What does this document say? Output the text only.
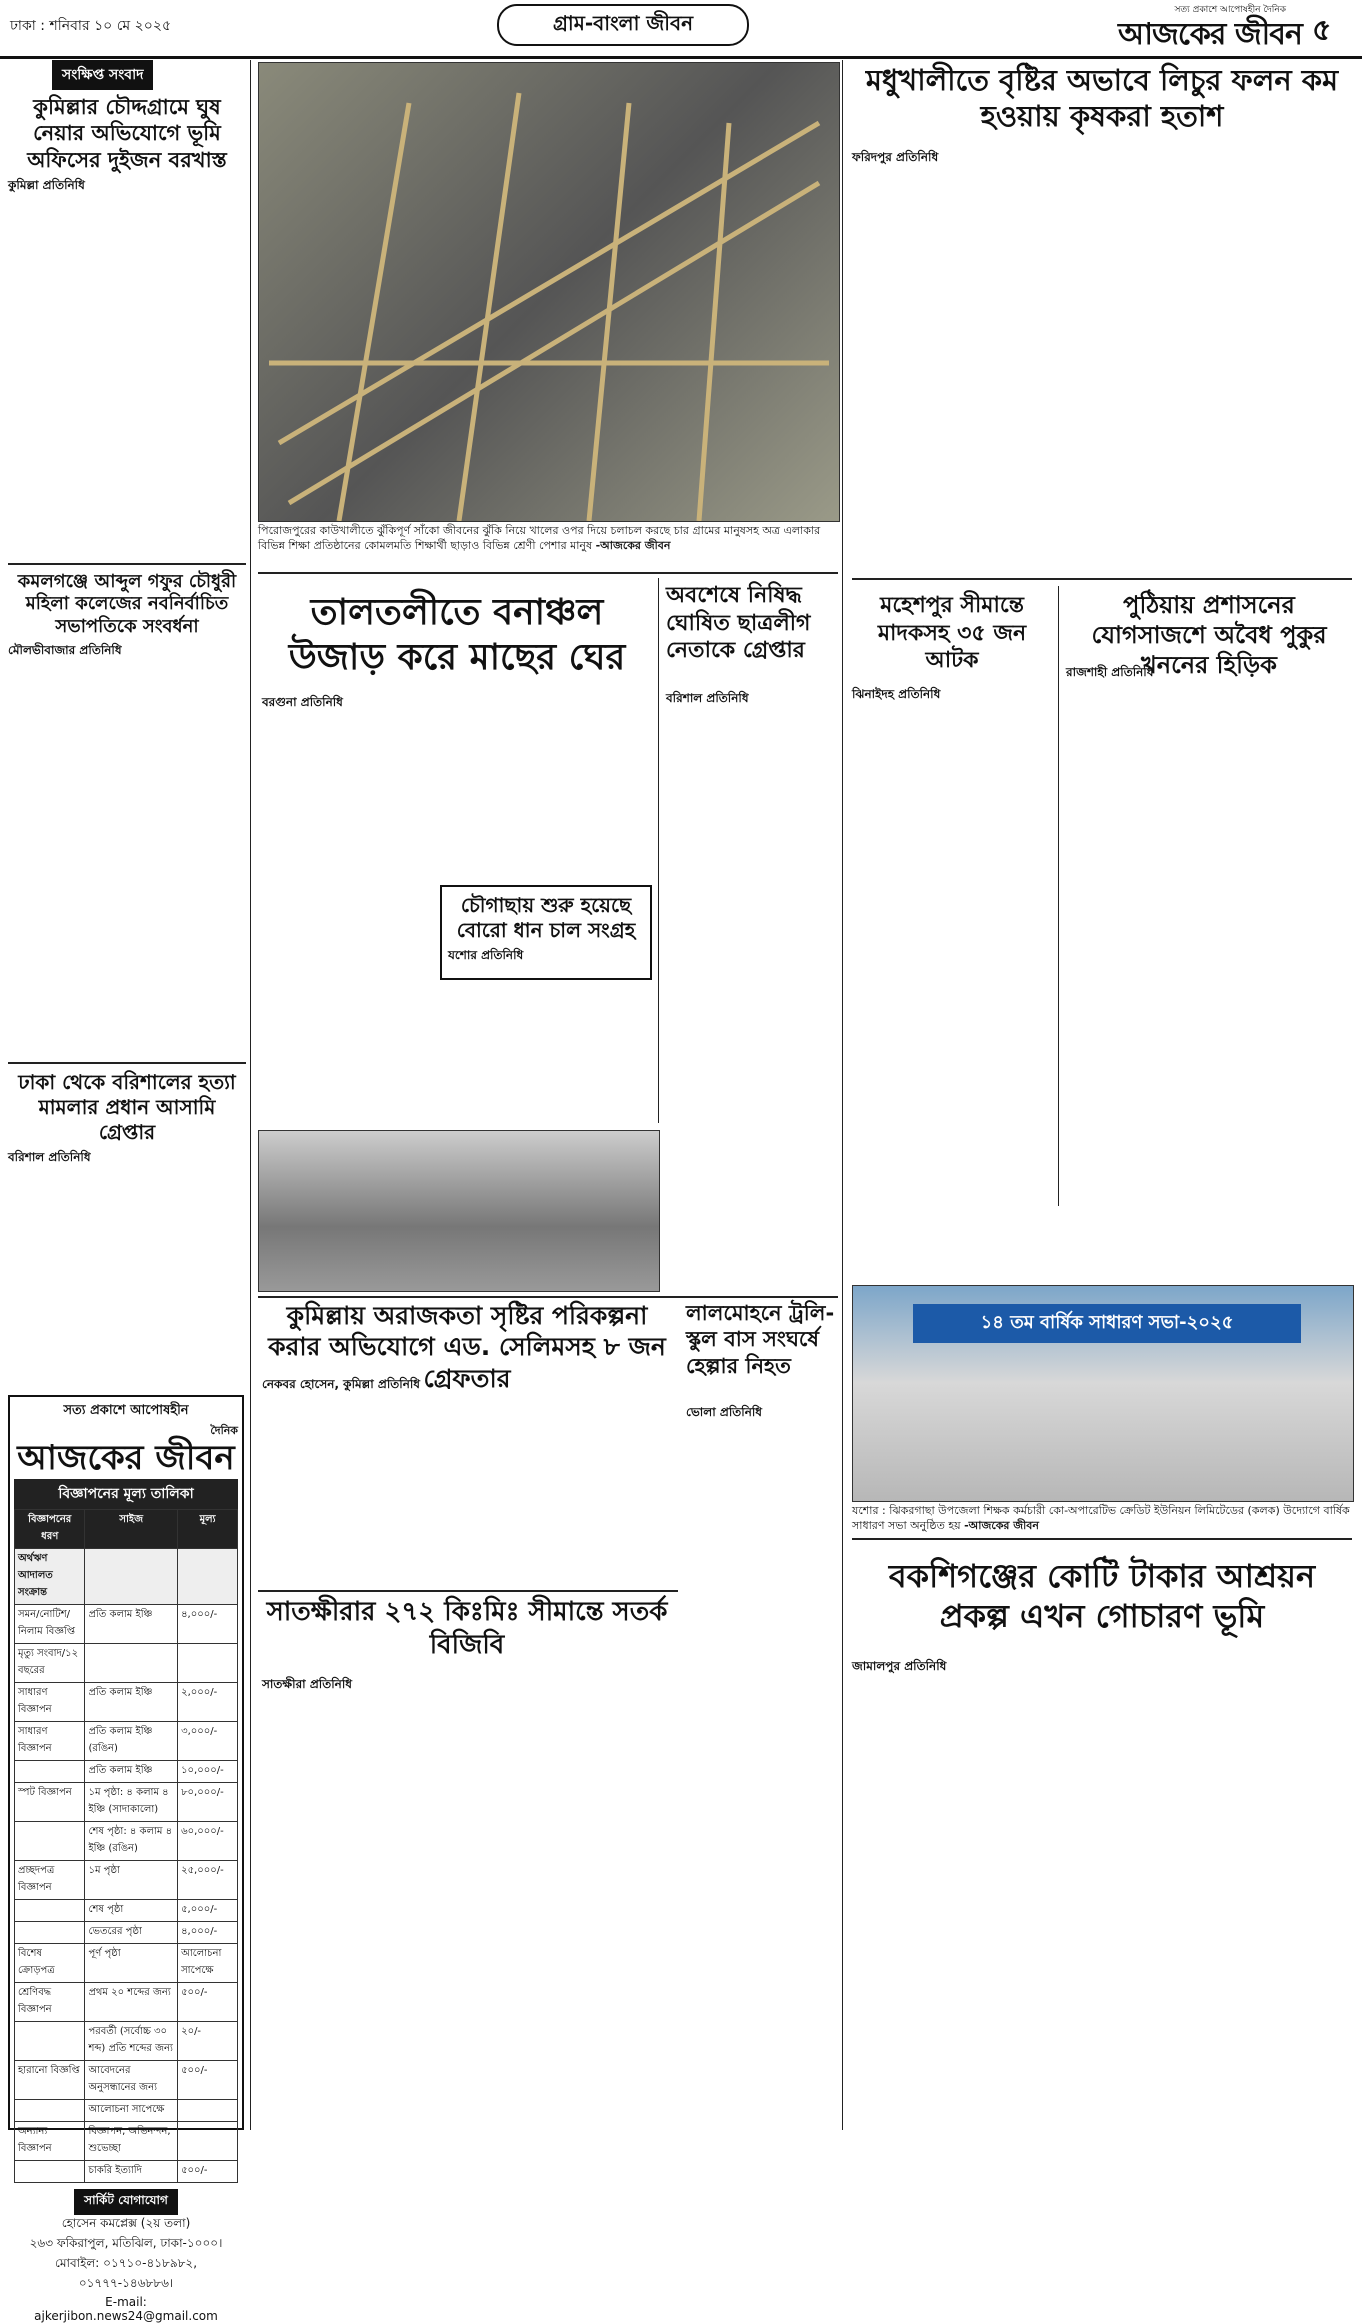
ঢাকা : শনিবার ১০ মে ২০২৫	গ্রাম-বাংলা জীবন
সত্য প্রকাশে আপোষহীন দৈনিক
আজকের জীবন ৫
সংক্ষিপ্ত সংবাদ
কুমিল্লার চৌদ্দগ্রামে ঘুষ নেয়ার অভিযোগে ভূমি অফিসের দুইজন বরখাস্ত
কুমিল্লা প্রতিনিধি
কমলগঞ্জে আব্দুল গফুর চৌধুরী মহিলা কলেজের নবনির্বাচিত সভাপতিকে সংবর্ধনা
মৌলভীবাজার প্রতিনিধি
ঢাকা থেকে বরিশালের হত্যা মামলার প্রধান আসামি গ্রেপ্তার
বরিশাল প্রতিনিধি
সত্য প্রকাশে আপোষহীন
দৈনিক
আজকের জীবন
বিজ্ঞাপনের মূল্য তালিকা
বিজ্ঞাপনের ধরণ	সাইজ	মূল্য
অর্থঋণ আদালত সংক্রান্ত		
সমন/নোটিশ/নিলাম বিজ্ঞপ্তি	প্রতি কলাম ইঞ্চি	৪,০০০/-
মৃত্যু সংবাদ/১২ বছরের		
সাধারণ বিজ্ঞাপন	প্রতি কলাম ইঞ্চি	২,০০০/-
সাধারণ বিজ্ঞাপন	প্রতি কলাম ইঞ্চি (রঙিন)	৩,০০০/-
	প্রতি কলাম ইঞ্চি	১০,০০০/-
স্পট বিজ্ঞাপন	১ম পৃষ্ঠা: ৪ কলাম ৪ ইঞ্চি (সাদাকালো)	৮০,০০০/-
	শেষ পৃষ্ঠা: ৪ কলাম ৪ ইঞ্চি (রঙিন)	৬০,০০০/-
প্রচ্ছদপত্র বিজ্ঞাপন	১ম পৃষ্ঠা	২৫,০০০/-
	শেষ পৃষ্ঠা	৫,০০০/-
	ভেতরের পৃষ্ঠা	৪,০০০/-
বিশেষ ক্রোড়পত্র	পূর্ণ পৃষ্ঠা	আলোচনা সাপেক্ষে
শ্রেণিবদ্ধ বিজ্ঞাপন	প্রথম ২০ শব্দের জন্য	৫০০/-
	পরবর্তী (সর্বোচ্চ ৩০ শব্দ) প্রতি শব্দের জন্য	২০/-
হারানো বিজ্ঞপ্তি	আবেদনের অনুসন্ধানের জন্য	৫০০/-
	আলোচনা সাপেক্ষে	
অন্যান্য বিজ্ঞাপন	বিজ্ঞাপন, অভিনন্দন, শুভেচ্ছা	
	চাকরি ইত্যাদি	৫০০/-
সার্কিট যোগাযোগ
হোসেন কমপ্লেক্স (২য় তলা)
২৬৩ ফকিরাপুল, মতিঝিল, ঢাকা-১০০০।
মোবাইল: ০১৭১০-৪১৮৯৮২, ০১৭৭৭-১৪৬৮৮৬।
E-mail: ajkerjibon.news24@gmail.com
পিরোজপুরের কাউখালীতে ঝুঁকিপূর্ণ সাঁকো জীবনের ঝুঁকি নিয়ে খালের ওপর দিয়ে চলাচল করছে চার গ্রামের মানুষসহ অত্র এলাকার বিভিন্ন শিক্ষা প্রতিষ্ঠানের কোমলমতি শিক্ষার্থী ছাড়াও বিভিন্ন শ্রেণী পেশার মানুষ -আজকের জীবন
তালতলীতে বনাঞ্চল উজাড় করে মাছের ঘের
বরগুনা প্রতিনিধি
অবশেষে নিষিদ্ধ ঘোষিত ছাত্রলীগ নেতাকে গ্রেপ্তার
বরিশাল প্রতিনিধি
চৌগাছায় শুরু হয়েছে বোরো ধান চাল সংগ্রহ
যশোর প্রতিনিধি
কুমিল্লায় অরাজকতা সৃষ্টির পরিকল্পনা করার অভিযোগে এড. সেলিমসহ ৮ জন গ্রেফতার
নেকবর হোসেন, কুমিল্লা প্রতিনিধি
লালমোহনে ট্রলি-স্কুল বাস সংঘর্ষে হেল্পার নিহত
ভোলা প্রতিনিধি
সাতক্ষীরার ২৭২ কিঃমিঃ সীমান্তে সতর্ক বিজিবি
সাতক্ষীরা প্রতিনিধি
মধুখালীতে বৃষ্টির অভাবে লিচুর ফলন কম হওয়ায় কৃষকরা হতাশ
ফরিদপুর প্রতিনিধি
মহেশপুর সীমান্তে মাদকসহ ৩৫ জন আটক
ঝিনাইদহ প্রতিনিধি
পুঠিয়ায় প্রশাসনের যোগসাজশে অবৈধ পুকুর খননের হিড়িক
রাজশাহী প্রতিনিধি
১৪ তম বার্ষিক সাধারণ সভা-২০২৫
যশোর : ঝিকরগাছা উপজেলা শিক্ষক কর্মচারী কো-অপারেটিভ ক্রেডিট ইউনিয়ন লিমিটেডের (কলক) উদ্যোগে বার্ষিক সাধারণ সভা অনুষ্ঠিত হয় -আজকের জীবন
বকশিগঞ্জের কোটি টাকার আশ্রয়ন প্রকল্প এখন গোচারণ ভূমি
জামালপুর প্রতিনিধি
